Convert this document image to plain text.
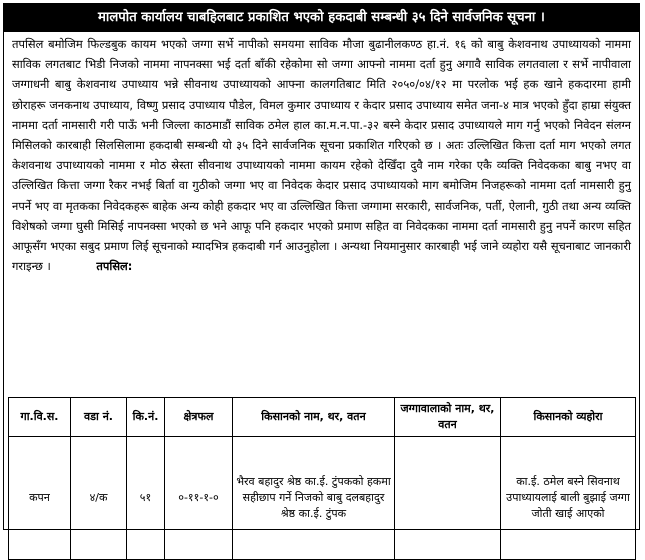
मालपोत कार्यालय चाबहिलबाट प्रकाशित भएको हकदाबी सम्बन्धी ३५ दिने सार्वजनिक सूचना ।
तपसिल बमोजिम फिल्डबुक कायम भएको जग्गा सर्भे नापीको समयमा साविक मौजा बुढानीलकण्ठ हा.नं. १६ को बाबु केशवनाथ उपाध्यायको नाममा साविक लगतबाट भिडी निजको नाममा नापनक्सा भई दर्ता बाँकी रहेकोमा सो जग्गा आफ्नो नाममा दर्ता हुनु अगावै साविक लगतवाला र सर्भे नापीवाला जग्गाधनी बाबु केशवनाथ उपाध्याय भन्ने सीवनाथ उपाध्यायको आफ्ना कालगतिबाट मिति २०५०/०४/१२ मा परलोक भई हक खाने हकदारमा हामी छोराहरू जनकनाथ उपाध्याय, विष्णु प्रसाद उपाध्याय पौडेल, विमल कुमार उपाध्याय र केदार प्रसाद उपाध्याय समेत जना-४ मात्र भएको हुँदा हाम्रा संयुक्त नाममा दर्ता नामसारी गरी पाऊँ भनी जिल्ला काठमाडौं साविक ठमेल हाल का.म.न.पा.-३२ बस्ने केदार प्रसाद उपाध्यायले माग गर्नु भएको निवेदन संलग्न मिसिलको कारबाही सिलसिलामा हकदाबी सम्बन्धी यो ३५ दिने सार्वजनिक सूचना प्रकाशित गरिएको छ । अतः उल्लिखित कित्ता दर्ता माग भएको लगत केशवनाथ उपाध्यायको नाममा र मोठ स्रेस्ता सीवनाथ उपाध्यायको नाममा कायम रहेको देखिँदा दुवै नाम गरेका एकै व्यक्ति निवेदकका बाबु नभए वा उल्लिखित कित्ता जग्गा रैकर नभई बिर्ता वा गुठीको जग्गा भए वा निवेदक केदार प्रसाद उपाध्यायको माग बमोजिम निजहरूको नाममा दर्ता नामसारी हुनु नपर्ने भए वा मृतकका निवेदकहरू बाहेक अन्य कोही हकदार भए वा उल्लिखित कित्ता जग्गामा सरकारी, सार्वजनिक, पर्ती, ऐलानी, गुठी तथा अन्य व्यक्ति विशेषको जग्गा घुसी मिसिई नापनक्सा भएको छ भने आफू पनि हकदार भएको प्रमाण सहित वा निवेदकका नाममा दर्ता नामसारी हुनु नपर्ने कारण सहित आफूसँग भएका सबुद प्रमाण लिई सूचनाको म्यादभित्र हकदाबी गर्न आउनुहोला । अन्यथा नियमानुसार कारबाही भई जाने व्यहोरा यसै सूचनाबाट जानकारी गराइन्छ ।	तपसिल:
गा.वि.स.	वडा नं.	कि.नं.	क्षेत्रफल	किसानको नाम, थर, वतन	जग्गावालाको नाम, थर, वतन	किसानको व्यहोरा
कपन	४/क	५१	०-११-१-०	भैरव बहादुर श्रेष्ठ का.ई. टुंपकको हकमा सहीछाप गर्ने निजको बाबु दलबहादुर श्रेष्ठ का.ई. टुंपक		का.ई. ठमेल बस्ने सिवनाथ उपाध्यायलाई बाली बुझाई जग्गा जोती खाई आएको
